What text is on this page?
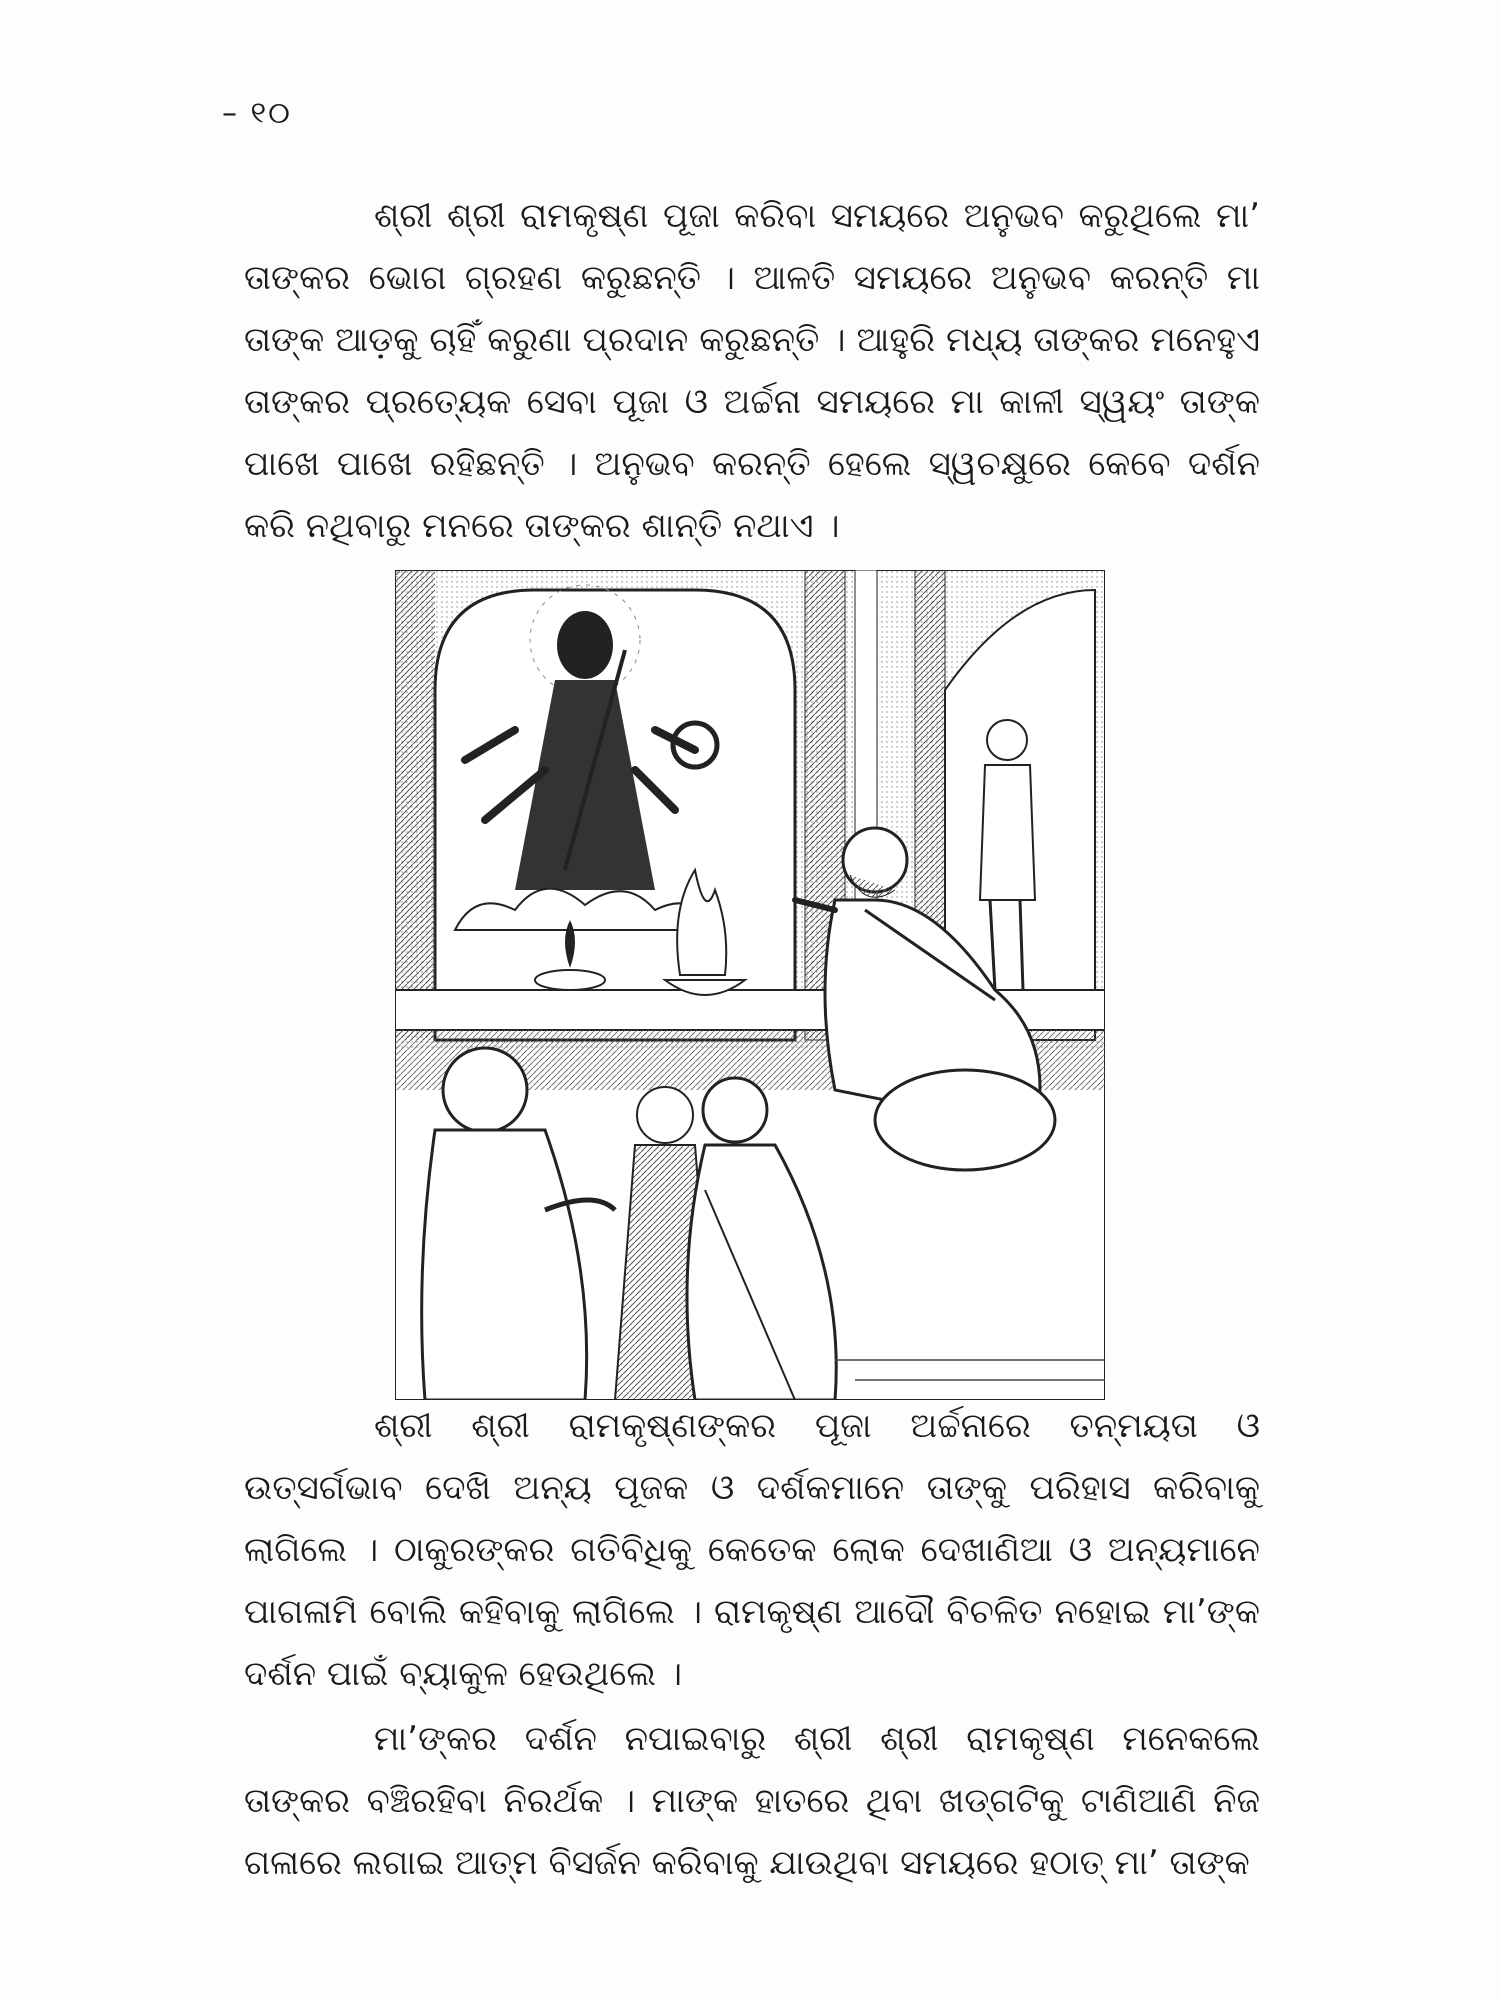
– ୧୦

ଶ୍ରୀ ଶ୍ରୀ ରାମକୃଷ୍ଣ ପୂଜା କରିବା ସମୟରେ ଅନୁଭବ କରୁଥିଲେ ମା’ ତାଙ୍କର ଭୋଗ ଗ୍ରହଣ କରୁଛନ୍ତି । ଆଳତି ସମୟରେ ଅନୁଭବ କରନ୍ତି ମା ତାଙ୍କ ଆଡ଼କୁ ଚାହିଁ କରୁଣା ପ୍ରଦାନ କରୁଛନ୍ତି । ଆହୁରି ମଧ୍ୟ ତାଙ୍କର ମନେହୁଏ ତାଙ୍କର ପ୍ରତ୍ୟେକ ସେବା ପୂଜା ଓ ଅର୍ଚ୍ଚନା ସମୟରେ ମା କାଳୀ ସ୍ୱୟଂ ତାଙ୍କ ପାଖେ ପାଖେ ରହିଛନ୍ତି । ଅନୁଭବ କରନ୍ତି ହେଲେ ସ୍ୱଚକ୍ଷୁରେ କେବେ ଦର୍ଶନ କରି ନଥିବାରୁ ମନରେ ତାଙ୍କର ଶାନ୍ତି ନଥାଏ ।

ଶ୍ରୀ ଶ୍ରୀ ରାମକୃଷ୍ଣଙ୍କର ପୂଜା ଅର୍ଚ୍ଚନାରେ ତନ୍ମୟତା ଓ ଉତ୍ସର୍ଗଭାବ ଦେଖି ଅନ୍ୟ ପୂଜକ ଓ ଦର୍ଶକମାନେ ତାଙ୍କୁ ପରିହାସ କରିବାକୁ ଲାଗିଲେ । ଠାକୁରଙ୍କର ଗତିବିଧିକୁ କେତେକ ଲୋକ ଦେଖାଣିଆ ଓ ଅନ୍ୟମାନେ ପାଗଳାମି ବୋଲି କହିବାକୁ ଲାଗିଲେ । ରାମକୃଷ୍ଣ ଆଦୌ ବିଚଳିତ ନହୋଇ ମା’ଙ୍କ ଦର୍ଶନ ପାଇଁ ବ୍ୟାକୁଳ ହେଉଥିଲେ ।

ମା’ଙ୍କର ଦର୍ଶନ ନପାଇବାରୁ ଶ୍ରୀ ଶ୍ରୀ ରାମକୃଷ୍ଣ ମନେକଲେ ତାଙ୍କର ବଞ୍ଚିରହିବା ନିରର୍ଥକ । ମାଙ୍କ ହାତରେ ଥିବା ଖଡ୍ଗଟିକୁ ଟାଣିଆଣି ନିଜ ଗଳାରେ ଲଗାଇ ଆତ୍ମ ବିସର୍ଜନ କରିବାକୁ ଯାଉଥିବା ସମୟରେ ହଠାତ୍ ମା’ ତାଙ୍କ
